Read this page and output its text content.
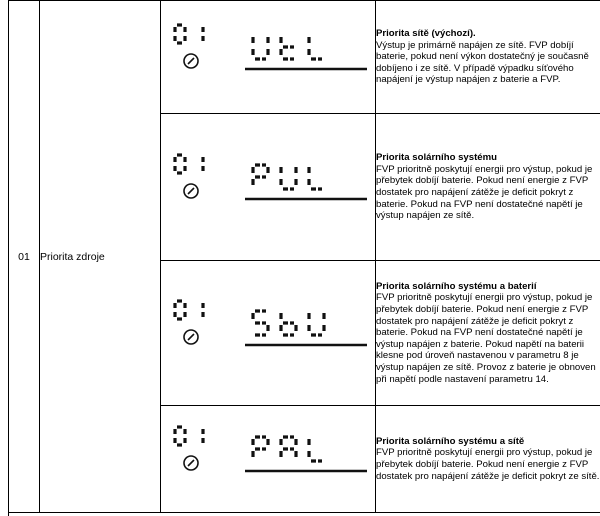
01	Priorita zdroje		Priorita sítě (výchozí).
Výstup je primárně napájen ze sítě. FVP dobíjí baterie, pokud není výkon dostatečný je současně dobíjeno i ze sítě. V případě výpadku síťového napájení je výstup napájen z baterie a FVP.

Priorita solárního systému
FVP prioritně poskytují energii pro výstup, pokud je přebytek dobíjí baterie. Pokud není energie z FVP dostatek pro napájení zátěže je deficit pokryt z baterie. Pokud na FVP není dostatečné napětí je výstup napájen ze sítě.

Priorita solárního systému a baterií
FVP prioritně poskytují energii pro výstup, pokud je přebytek dobíjí baterie. Pokud není energie z FVP dostatek pro napájení zátěže je deficit pokryt z baterie. Pokud na FVP není dostatečné napětí je výstup napájen z baterie. Pokud napětí na baterii klesne pod úroveň nastavenou v parametru 8 je výstup napájen ze sítě. Provoz z baterie je obnoven při napětí podle nastavení parametru 14.

Priorita solárního systému a sítě
FVP prioritně poskytují energii pro výstup, pokud je přebytek dobíjí baterie. Pokud není energie z FVP dostatek pro napájení zátěže je deficit pokryt ze sítě.
